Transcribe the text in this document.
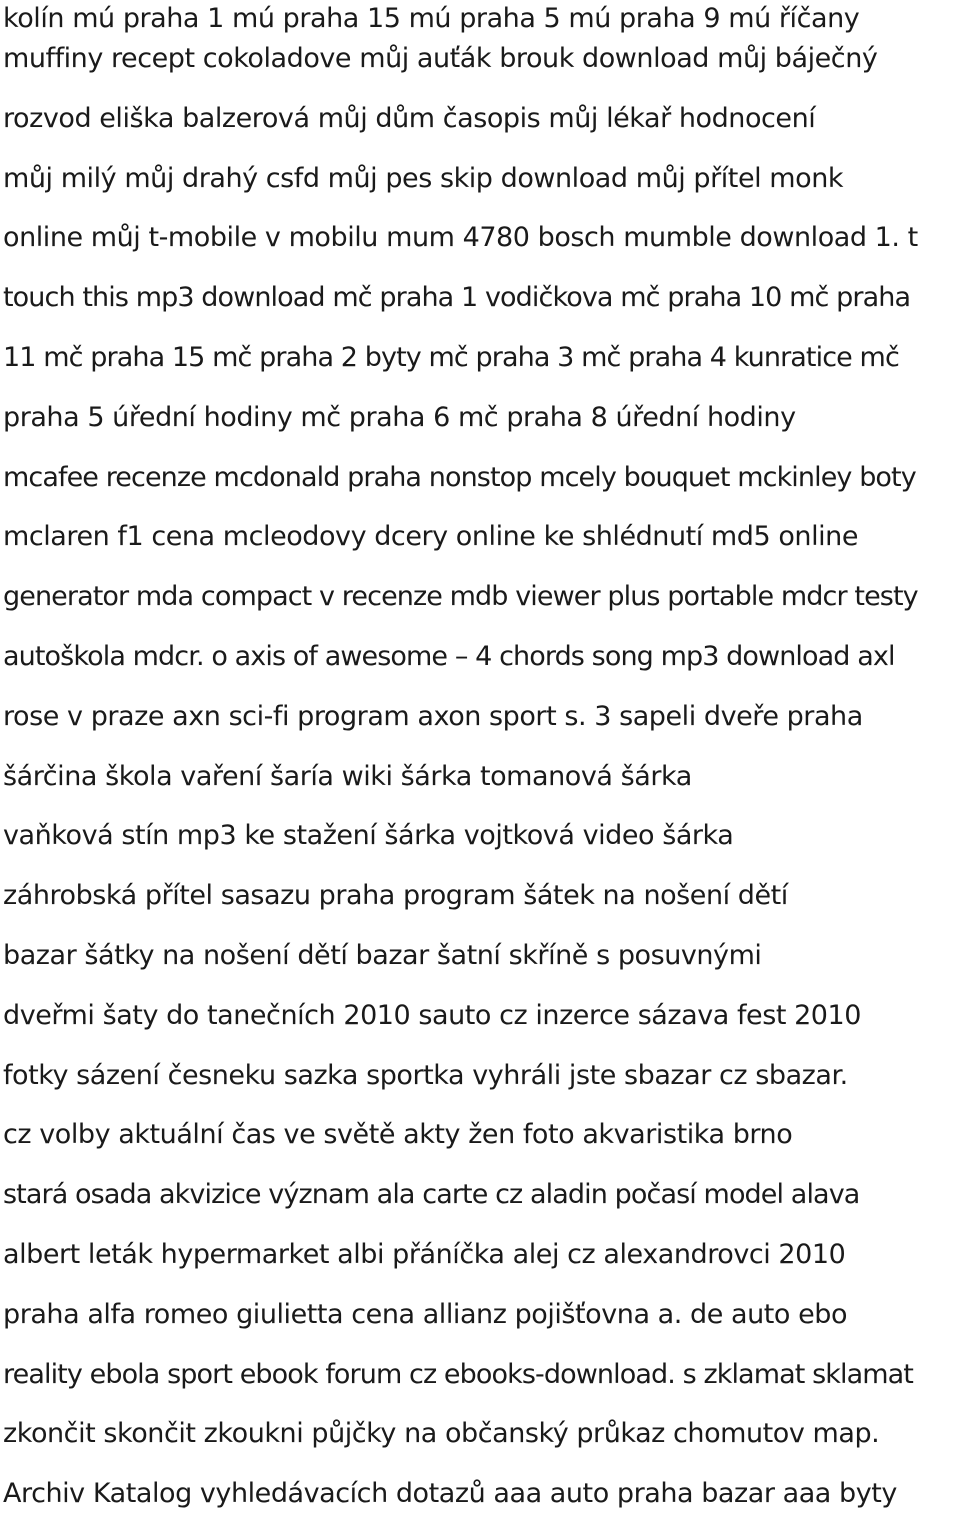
kolín mú praha 1 mú praha 15 mú praha 5 mú praha 9 mú říčany
muffiny recept cokoladove můj auťák brouk download můj báječný
rozvod eliška balzerová můj dům časopis můj lékař hodnocení
můj milý můj drahý csfd můj pes skip download můj přítel monk
online můj t-mobile v mobilu mum 4780 bosch mumble download 1. t
touch this mp3 download mč praha 1 vodičkova mč praha 10 mč praha
11 mč praha 15 mč praha 2 byty mč praha 3 mč praha 4 kunratice mč
praha 5 úřední hodiny mč praha 6 mč praha 8 úřední hodiny
mcafee recenze mcdonald praha nonstop mcely bouquet mckinley boty
mclaren f1 cena mcleodovy dcery online ke shlédnutí md5 online
generator mda compact v recenze mdb viewer plus portable mdcr testy
autoškola mdcr. o axis of awesome – 4 chords song mp3 download axl
rose v praze axn sci-fi program axon sport s. 3 sapeli dveře praha
šárčina škola vaření šaría wiki šárka tomanová šárka
vaňková stín mp3 ke stažení šárka vojtková video šárka
záhrobská přítel sasazu praha program šátek na nošení dětí
bazar šátky na nošení dětí bazar šatní skříně s posuvnými
dveřmi šaty do tanečních 2010 sauto cz inzerce sázava fest 2010
fotky sázení česneku sazka sportka vyhráli jste sbazar cz sbazar.
cz volby aktuální čas ve světě akty žen foto akvaristika brno
stará osada akvizice význam ala carte cz aladin počasí model alava
albert leták hypermarket albi přáníčka alej cz alexandrovci 2010
praha alfa romeo giulietta cena allianz pojišťovna a. de auto ebo
reality ebola sport ebook forum cz ebooks-download. s zklamat sklamat
zkončit skončit zkoukni půjčky na občanský průkaz chomutov map.
Archiv Katalog vyhledávacích dotazů aaa auto praha bazar aaa byty
